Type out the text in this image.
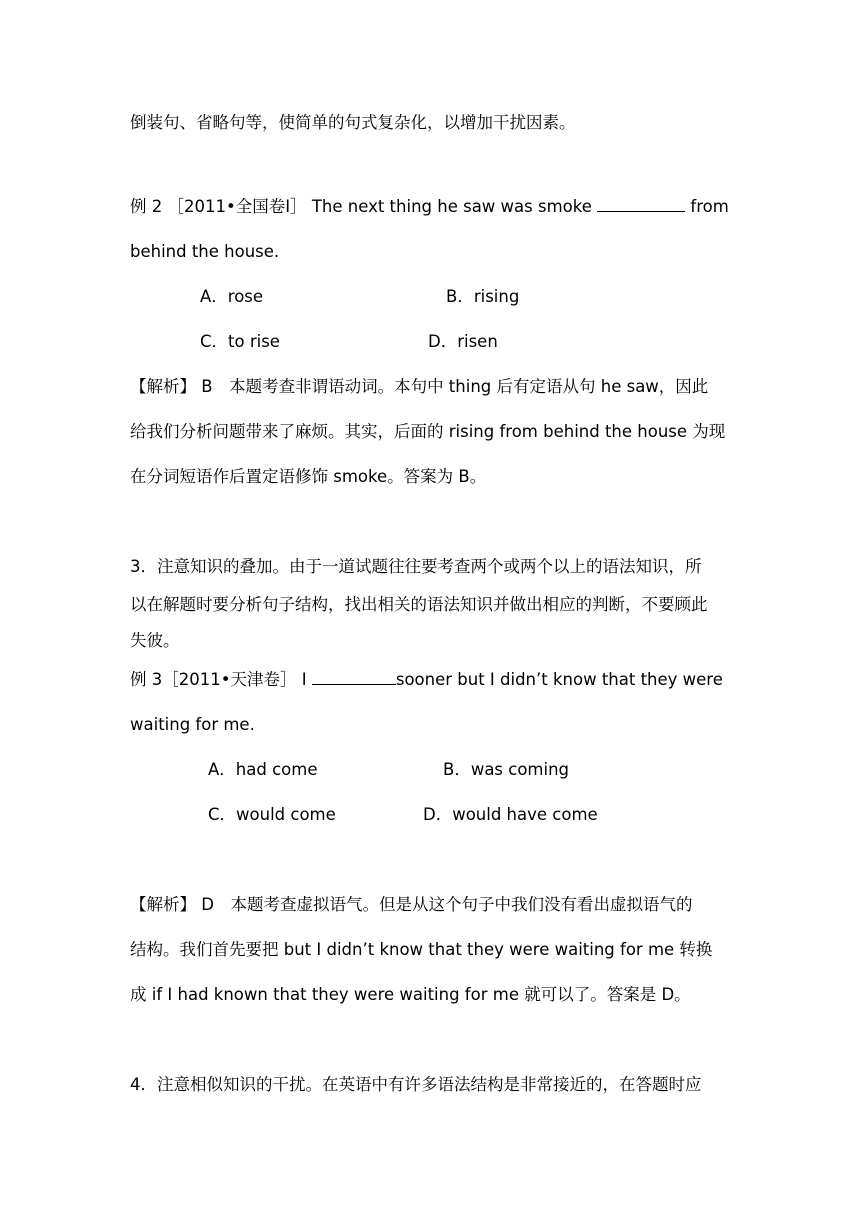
倒装句、省略句等，使简单的句式复杂化，以增加干扰因素。
例 2 ［2011•全国卷Ⅰ］ The next thing he saw was smoke	from
behind the house.
A．rose	B．rising
C．to rise	D．risen
【解析】 B　本题考查非谓语动词。本句中 thing 后有定语从句 he saw，因此
给我们分析问题带来了麻烦。其实，后面的 rising from behind the house 为现
在分词短语作后置定语修饰 smoke。答案为 B。
3．注意知识的叠加。由于一道试题往往要考查两个或两个以上的语法知识，所
以在解题时要分析句子结构，找出相关的语法知识并做出相应的判断，不要顾此
失彼。
例 3［2011•天津卷］ I	sooner but I didn’t know that they were
waiting for me.
A．had come	B．was coming
C．would come	D．would have come
【解析】 D　本题考查虚拟语气。但是从这个句子中我们没有看出虚拟语气的
结构。我们首先要把 but I didn’t know that they were waiting for me 转换
成 if I had known that they were waiting for me 就可以了。答案是 D。
4．注意相似知识的干扰。在英语中有许多语法结构是非常接近的，在答题时应
